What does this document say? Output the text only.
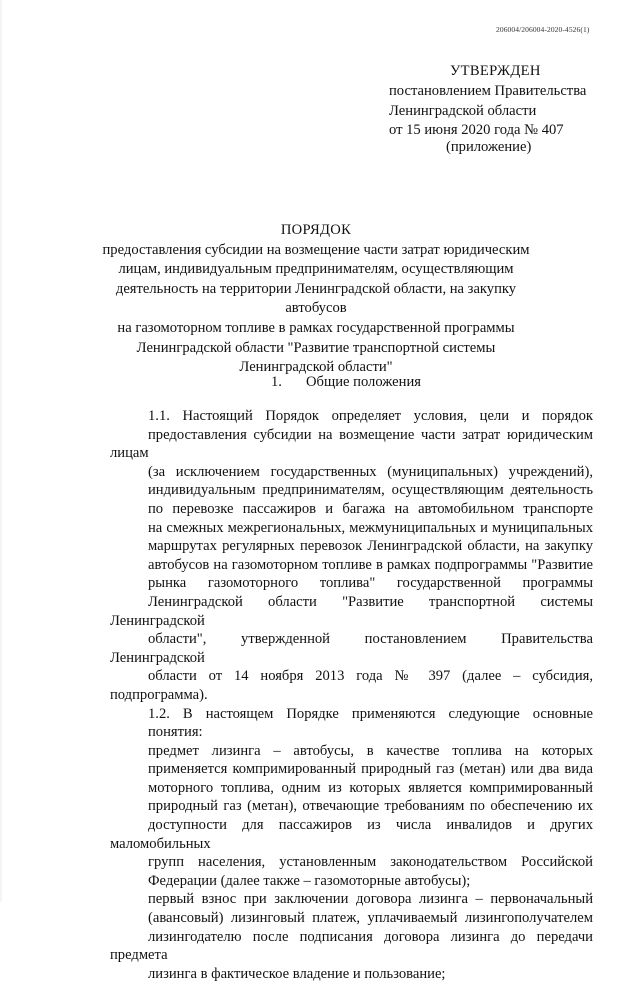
206004/206004-2020-4526(1)
УТВЕРЖДЕН
постановлением Правительства
Ленинградской области
от 15 июня 2020 года № 407
(приложение)
ПОРЯДОК
предоставления субсидии на возмещение части затрат юридическим
лицам, индивидуальным предпринимателям, осуществляющим
деятельность на территории Ленинградской области, на закупку автобусов
на газомоторном топливе в рамках государственной программы
Ленинградской области "Развитие транспортной системы
Ленинградской области"
1. Общие положения

1.1. Настоящий Порядок определяет условия, цели и порядок
предоставления субсидии на возмещение части затрат юридическим лицам
(за исключением государственных (муниципальных) учреждений),
индивидуальным предпринимателям, осуществляющим деятельность
по перевозке пассажиров и багажа на автомобильном транспорте
на смежных межрегиональных, межмуниципальных и муниципальных
маршрутах регулярных перевозок Ленинградской области, на закупку
автобусов на газомоторном топливе в рамках подпрограммы "Развитие
рынка газомоторного топлива" государственной программы
Ленинградской области "Развитие транспортной системы Ленинградской
области", утвержденной постановлением Правительства Ленинградской
области от 14 ноября 2013 года № 397 (далее – субсидия, подпрограмма).

1.2. В настоящем Порядке применяются следующие основные
понятия:

предмет лизинга – автобусы, в качестве топлива на которых
применяется компримированный природный газ (метан) или два вида
моторного топлива, одним из которых является компримированный
природный газ (метан), отвечающие требованиям по обеспечению их
доступности для пассажиров из числа инвалидов и других маломобильных
групп населения, установленным законодательством Российской
Федерации (далее также – газомоторные автобусы);

первый взнос при заключении договора лизинга – первоначальный
(авансовый) лизинговый платеж, уплачиваемый лизингополучателем
лизингодателю после подписания договора лизинга до передачи предмета
лизинга в фактическое владение и пользование;
